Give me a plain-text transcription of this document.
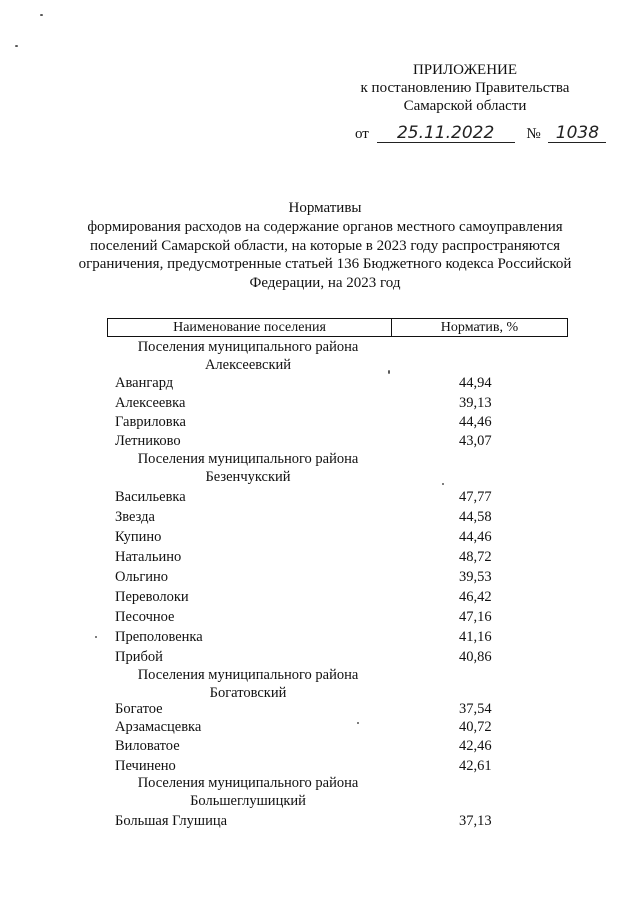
ПРИЛОЖЕНИЕ
к постановлению Правительства
Самарской области
от 25.11.2022 № 1038
Нормативы
формирования расходов на содержание органов местного самоуправления поселений Самарской области, на которые в 2023 году распространяются ограничения, предусмотренные статьей 136 Бюджетного кодекса Российской Федерации, на 2023 год
Наименование поселения	Норматив, %
Поселения муниципального района
Алексеевский
Авангард	44,94
Алексеевка	39,13
Гавриловка	44,46
Летниково	43,07
Поселения муниципального района
Безенчукский
Васильевка	47,77
Звезда	44,58
Купино	44,46
Натальино	48,72
Ольгино	39,53
Переволоки	46,42
Песочное	47,16
Преполовенка	41,16
Прибой	40,86
Поселения муниципального района
Богатовский
Богатое	37,54
Арзамасцевка	40,72
Виловатое	42,46
Печинено	42,61
Поселения муниципального района
Большеглушицкий
Большая Глушица	37,13
